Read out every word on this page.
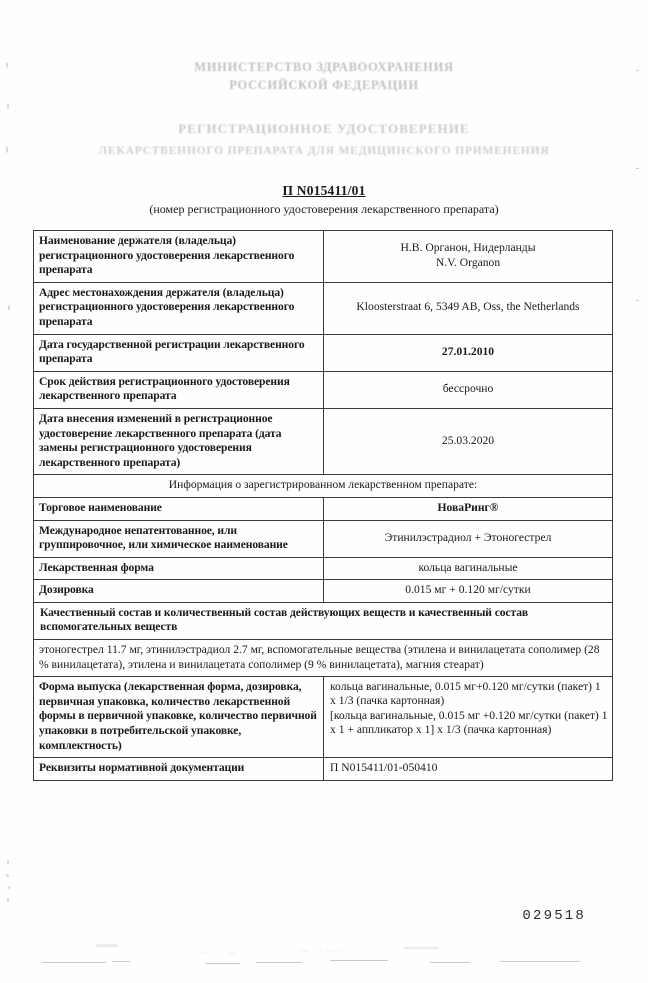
МИНИСТЕРСТВО ЗДРАВООХРАНЕНИЯ
РОССИЙСКОЙ ФЕДЕРАЦИИ
РЕГИСТРАЦИОННОЕ УДОСТОВЕРЕНИЕ
ЛЕКАРСТВЕННОГО ПРЕПАРАТА ДЛЯ МЕДИЦИНСКОГО ПРИМЕНЕНИЯ
П N015411/01
(номер регистрационного удостоверения лекарственного препарата)
Наименование держателя (владельца) регистрационного удостоверения лекарственного препарата	Н.В. Органон, Нидерланды
N.V. Organon
Адрес местонахождения держателя (владельца) регистрационного удостоверения лекарственного препарата	Kloosterstraat 6, 5349 AB, Oss, the Netherlands
Дата государственной регистрации лекарственного препарата	27.01.2010
Срок действия регистрационного удостоверения лекарственного препарата	бессрочно
Дата внесения изменений в регистрационное удостоверение лекарственного препарата (дата замены регистрационного удостоверения лекарственного препарата)	25.03.2020
Информация о зарегистрированном лекарственном препарате:	
Торговое наименование	НоваРинг®
Международное непатентованное, или группировочное, или химическое наименование	Этинилэстрадиол + Этоногестрел
Лекарственная форма	кольца вагинальные
Дозировка	0.015 мг + 0.120 мг/сутки
Качественный состав и количественный состав действующих веществ и качественный состав вспомогательных веществ	
этоногестрел 11.7 мг, этинилэстрадиол 2.7 мг, вспомогательные вещества (этилена и винилацетата сополимер (28 % винилацетата), этилена и винилацетата сополимер (9 % винилацетата), магния стеарат)	
Форма выпуска (лекарственная форма, дозировка, первичная упаковка, количество лекарственной формы в первичной упаковке, количество первичной упаковки в потребительской упаковке, комплектность)	кольца вагинальные, 0.015 мг+0.120 мг/сутки (пакет) 1 х 1/3 (пачка картонная)
[кольца вагинальные, 0.015 мг +0.120 мг/сутки (пакет) 1 х 1 + аппликатор х 1] х 1/3 (пачка картонная)

Реквизиты нормативной документации	П N015411/01-050410
029518
· · — ·· · — · ·	· ·· — · · — ··
